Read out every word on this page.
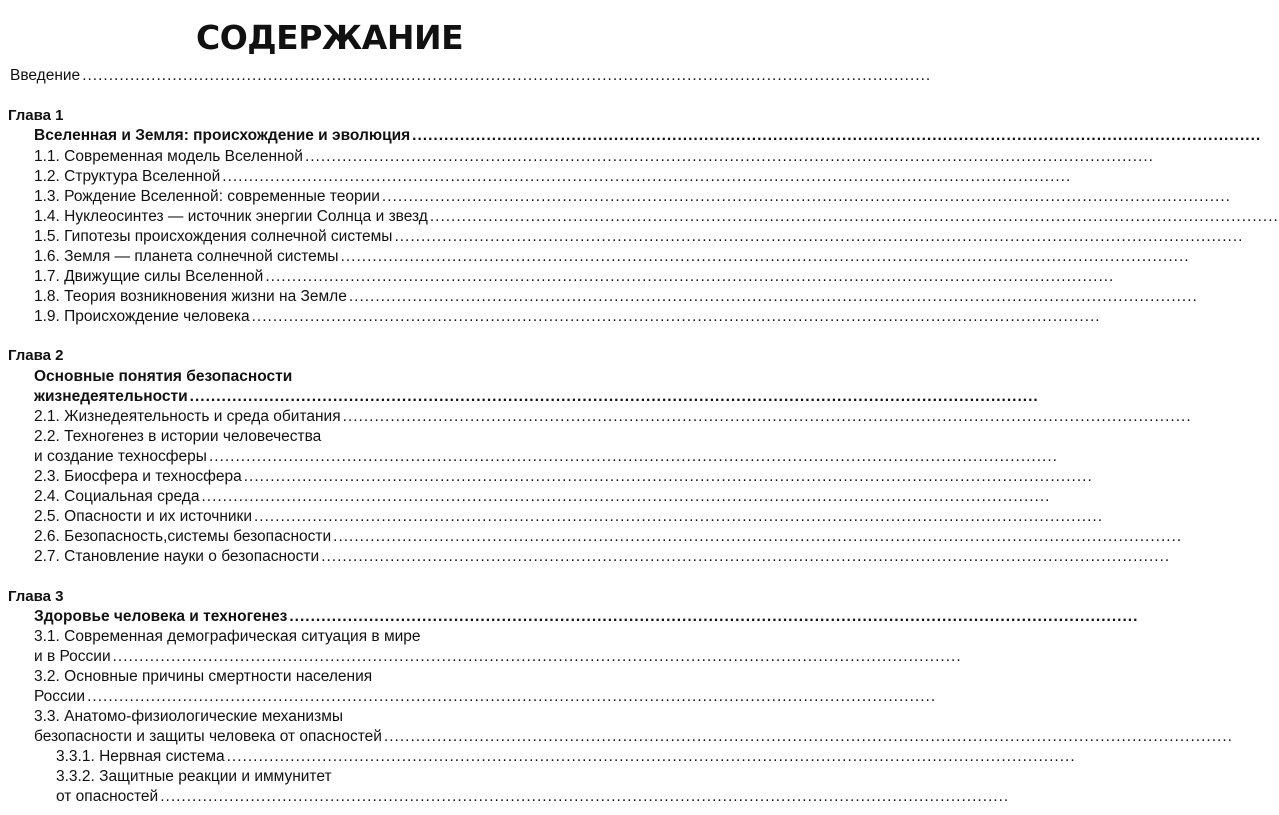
СОДЕРЖАНИЕ
Введение ................................................................................................................................................................
Глава 1
Вселенная и Земля: происхождение и эволюция ................................................................................................................................................................
1.1. Современная модель Вселенной ................................................................................................................................................................
1.2. Структура Вселенной ................................................................................................................................................................
1.3. Рождение Вселенной: современные теории ................................................................................................................................................................
1.4. Нуклеосинтез — источник энергии Солнца и звезд ................................................................................................................................................................
1.5. Гипотезы происхождения солнечной системы ................................................................................................................................................................
1.6. Земля — планета солнечной системы ................................................................................................................................................................
1.7. Движущие силы Вселенной ................................................................................................................................................................
1.8. Теория возникновения жизни на Земле ................................................................................................................................................................
1.9. Происхождение человека ................................................................................................................................................................
Глава 2
Основные понятия безопасности
жизнедеятельности ................................................................................................................................................................
2.1. Жизнедеятельность и среда обитания ................................................................................................................................................................
2.2. Техногенез в истории человечества
и создание техносферы ................................................................................................................................................................
2.3. Биосфера и техносфера ................................................................................................................................................................
2.4. Социальная среда ................................................................................................................................................................
2.5. Опасности и их источники ................................................................................................................................................................
2.6. Безопасность,системы безопасности ................................................................................................................................................................
2.7. Становление науки о безопасности ................................................................................................................................................................
Глава 3
Здоровье человека и техногенез ................................................................................................................................................................
3.1. Современная демографическая ситуация в мире
и в России ................................................................................................................................................................
3.2. Основные причины смертности населения
России ................................................................................................................................................................
3.3. Анатомо-физиологические механизмы
безопасности и защиты человека от опасностей ................................................................................................................................................................
3.3.1. Нервная система ................................................................................................................................................................
3.3.2. Защитные реакции и иммунитет
от опасностей ................................................................................................................................................................
